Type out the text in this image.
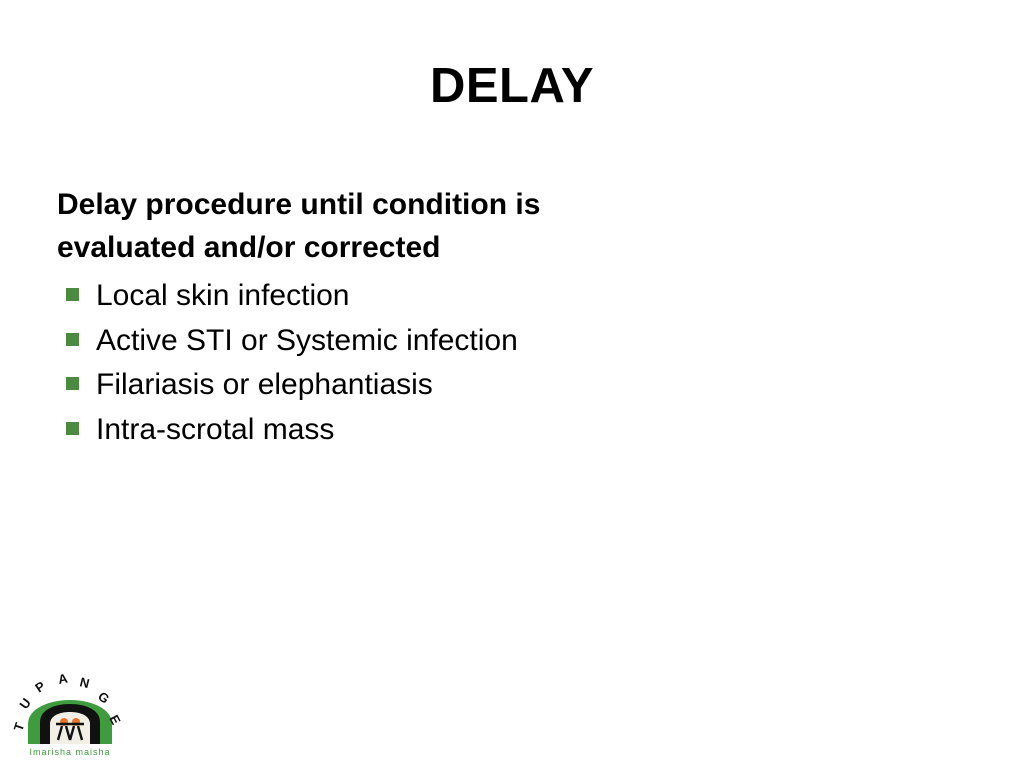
DELAY

Delay procedure until condition is

evaluated and/or corrected

Local skin infection
Active STI or Systemic infection
Filariasis or elephantiasis
Intra-scrotal mass
T
U
P A N
G
E
Imarisha maisha
